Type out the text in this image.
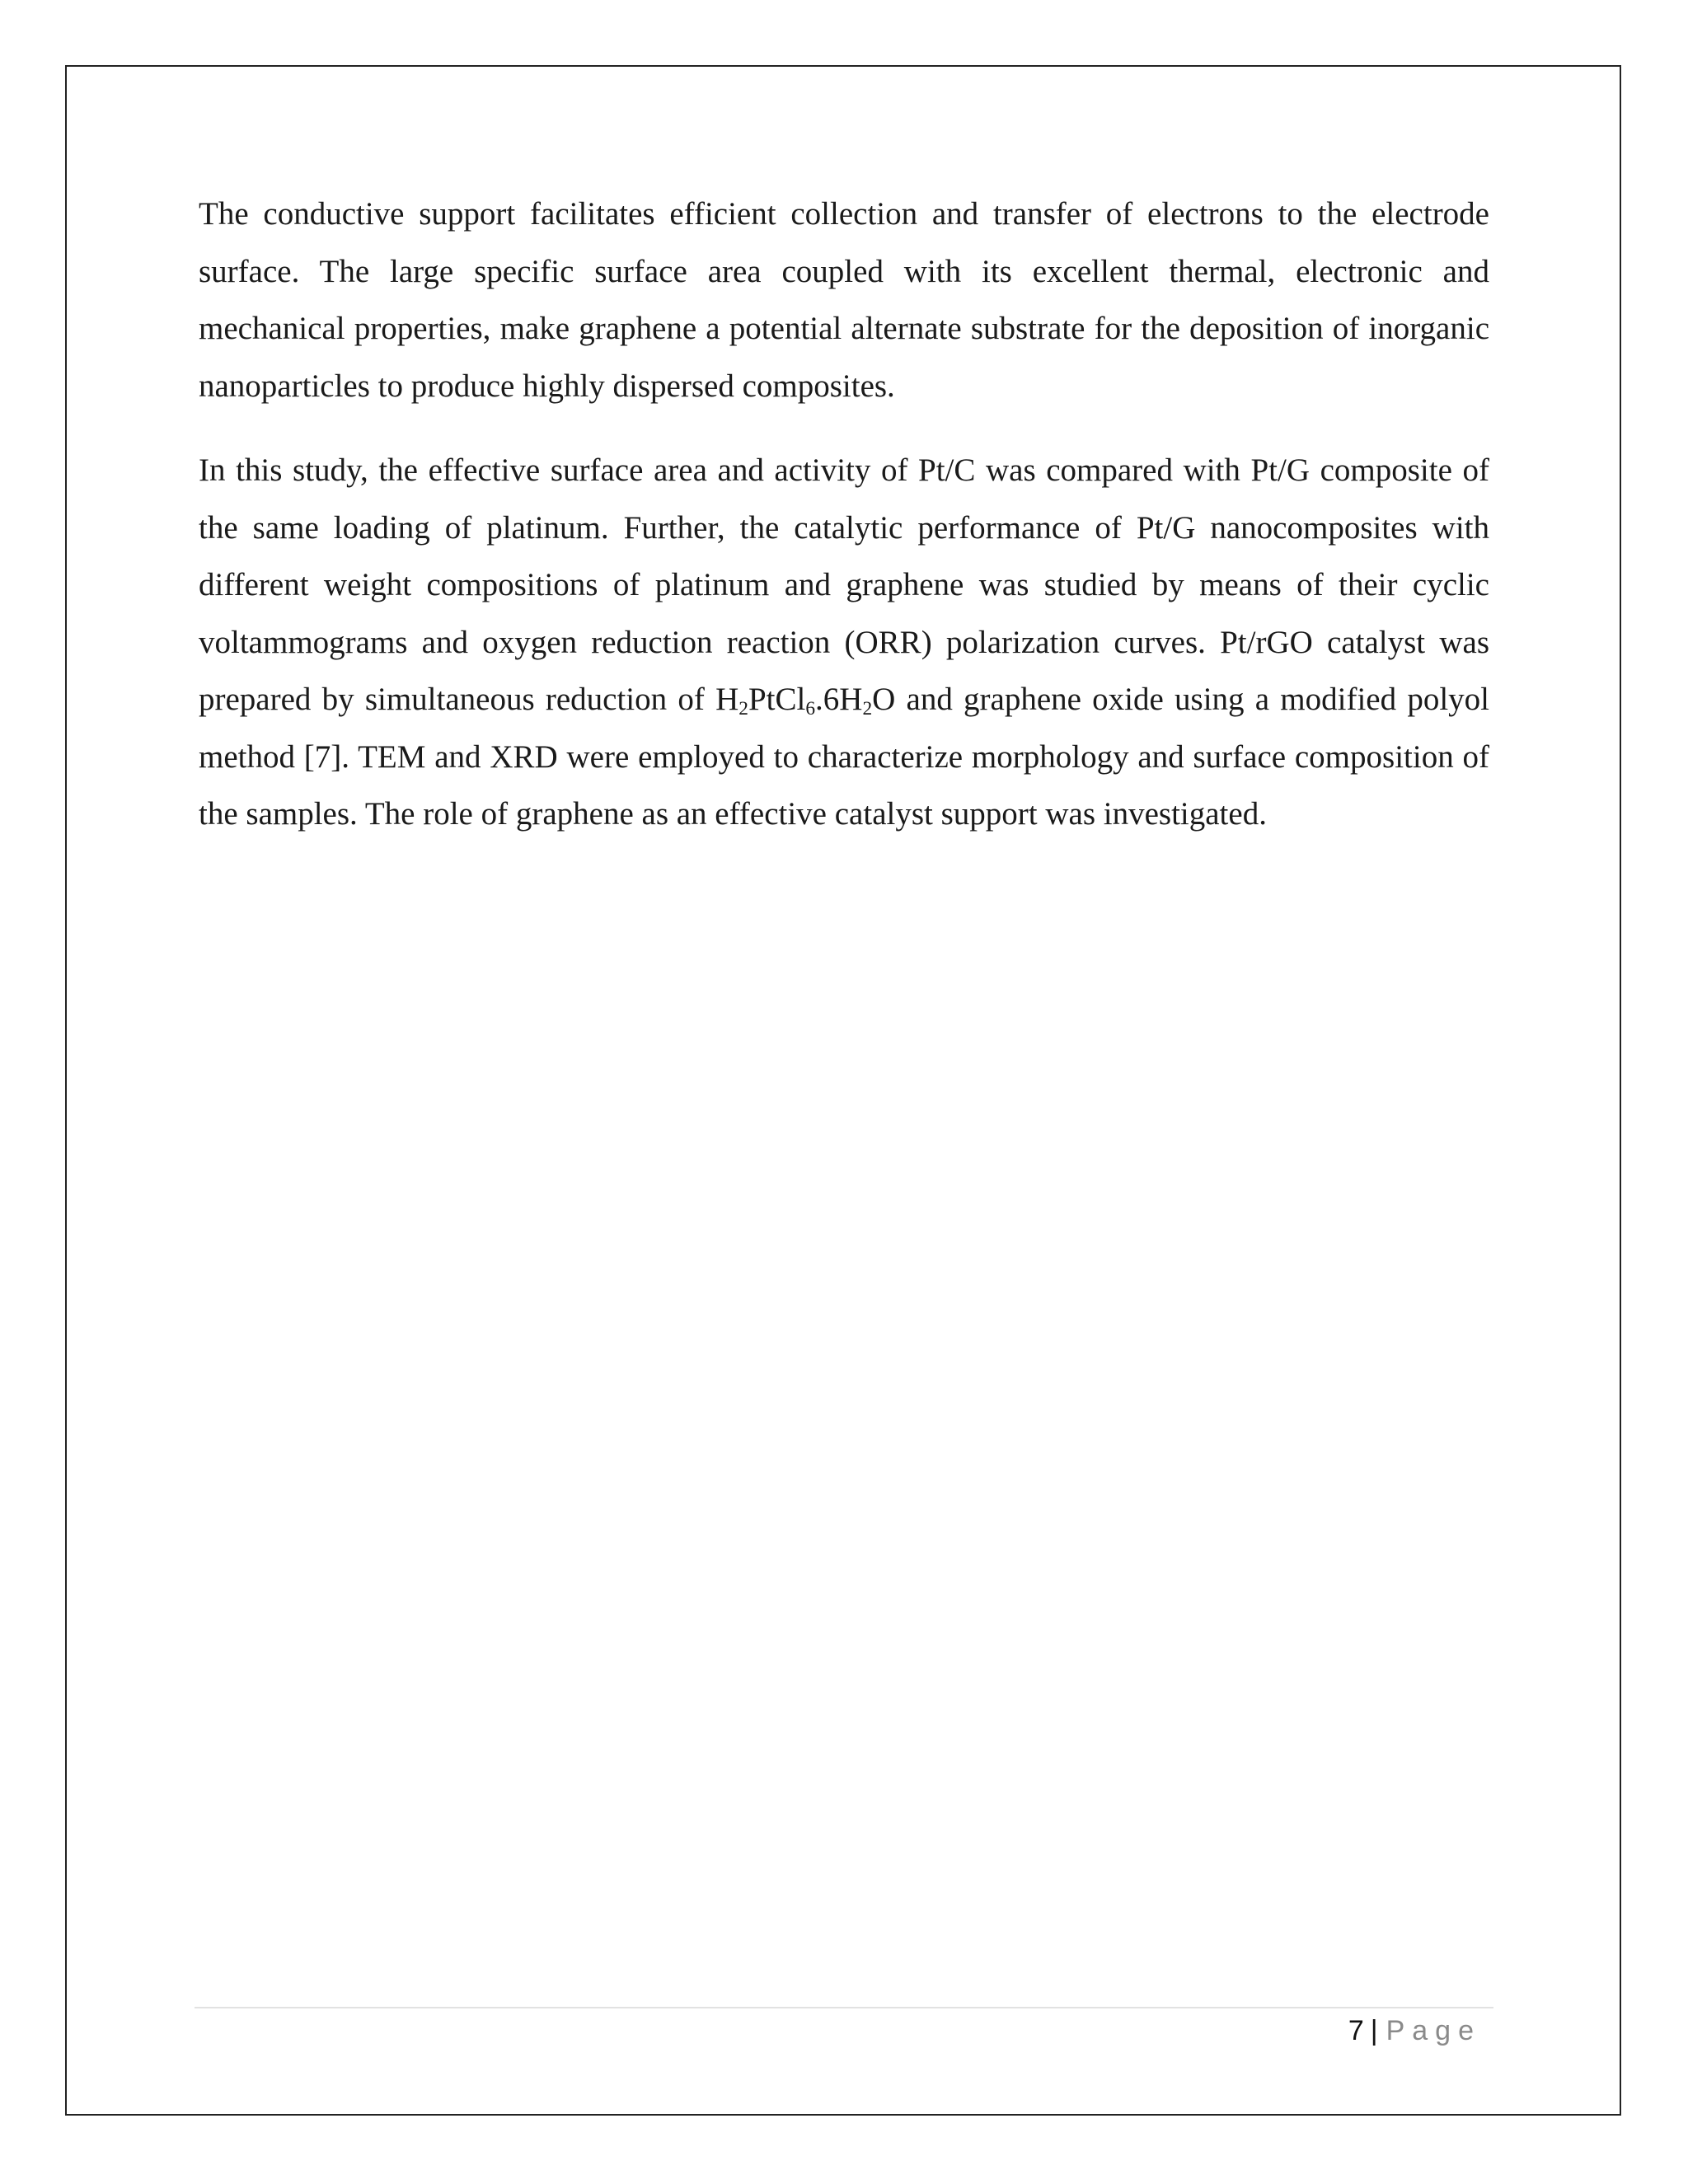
The conductive support facilitates efficient collection and transfer of electrons to the electrode surface. The large specific surface area coupled with its excellent thermal, electronic and mechanical properties, make graphene a potential alternate substrate for the deposition of inorganic nanoparticles to produce highly dispersed composites.

In this study, the effective surface area and activity of Pt/C was compared with Pt/G composite of the same loading of platinum. Further, the catalytic performance of Pt/G nanocomposites with different weight compositions of platinum and graphene was studied by means of their cyclic voltammograms and oxygen reduction reaction (ORR) polarization curves. Pt/rGO catalyst was prepared by simultaneous reduction of $H_2PtCl_6.6H_2O$ and graphene oxide using a modified polyol method [7]. TEM and XRD were employed to characterize morphology and surface composition of the samples. The role of graphene as an effective catalyst support was investigated.

7 | Page
